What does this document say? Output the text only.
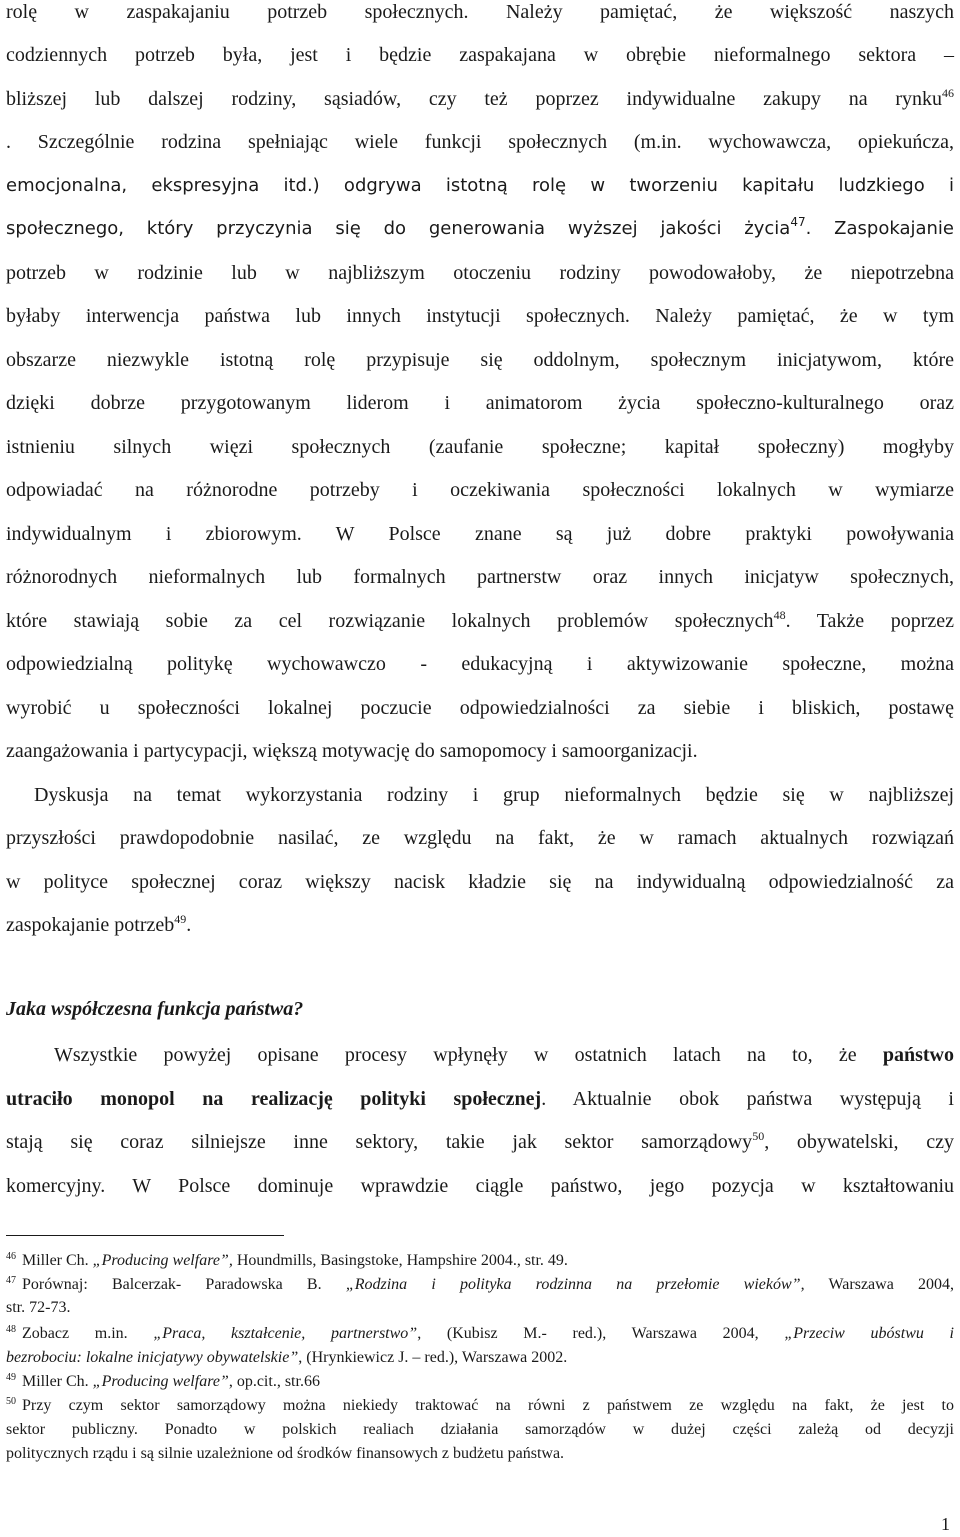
rolę w zaspakajaniu potrzeb społecznych. Należy pamiętać, że większość naszych
codziennych potrzeb była, jest i będzie zaspakajana w obrębie nieformalnego sektora –
bliższej lub dalszej rodziny, sąsiadów, czy też poprzez indywidualne zakupy na rynku$^{46}$
. Szczególnie rodzina spełniając wiele funkcji społecznych (m.in. wychowawcza, opiekuńcza,
emocjonalna, ekspresyjna itd.) odgrywa istotną rolę w tworzeniu kapitału ludzkiego i
społecznego, który przyczynia się do generowania wyższej jakości życia$^{47}$. Zaspokajanie
potrzeb w rodzinie lub w najbliższym otoczeniu rodziny powodowałoby, że niepotrzebna
byłaby interwencja państwa lub innych instytucji społecznych. Należy pamiętać, że w tym
obszarze niezwykle istotną rolę przypisuje się oddolnym, społecznym inicjatywom, które
dzięki dobrze przygotowanym liderom i animatorom życia społeczno-kulturalnego oraz
istnieniu silnych więzi społecznych (zaufanie społeczne; kapitał społeczny) mogłyby
odpowiadać na różnorodne potrzeby i oczekiwania społeczności lokalnych w wymiarze
indywidualnym i zbiorowym. W Polsce znane są już dobre praktyki powoływania
różnorodnych nieformalnych lub formalnych partnerstw oraz innych inicjatyw społecznych,
które stawiają sobie za cel rozwiązanie lokalnych problemów społecznych$^{48}$. Także poprzez
odpowiedzialną politykę wychowawczo - edukacyjną i aktywizowanie społeczne, można
wyrobić u społeczności lokalnej poczucie odpowiedzialności za siebie i bliskich, postawę
zaangażowania i partycypacji, większą motywację do samopomocy i samoorganizacji.
Dyskusja na temat wykorzystania rodziny i grup nieformalnych będzie się w najbliższej
przyszłości prawdopodobnie nasilać, ze względu na fakt, że w ramach aktualnych rozwiązań
w polityce społecznej coraz większy nacisk kładzie się na indywidualną odpowiedzialność za
zaspokajanie potrzeb$^{49}$.
Jaka współczesna funkcja państwa?
Wszystkie powyżej opisane procesy wpłynęły w ostatnich latach na to, że państwo
utraciło monopol na realizację polityki społecznej. Aktualnie obok państwa występują i
stają się coraz silniejsze inne sektory, takie jak sektor samorządowy$^{50}$, obywatelski, czy
komercyjny. W Polsce dominuje wprawdzie ciągle państwo, jego pozycja w kształtowaniu
$^{46}$ Miller Ch. „Producing welfare”, Houndmills, Basingstoke, Hampshire 2004., str. 49.
$^{47}$ Porównaj: Balcerzak- Paradowska B. „Rodzina i polityka rodzinna na przełomie wieków”, Warszawa 2004,
str. 72-73.
$^{48}$ Zobacz m.in. „Praca, kształcenie, partnerstwo”, (Kubisz M.- red.), Warszawa 2004, „Przeciw ubóstwu i
bezrobociu: lokalne inicjatywy obywatelskie”, (Hrynkiewicz J. – red.), Warszawa 2002.
$^{49}$ Miller Ch. „Producing welfare”, op.cit., str.66
$^{50}$ Przy czym sektor samorządowy można niekiedy traktować na równi z państwem ze względu na fakt, że jest to
sektor publiczny. Ponadto w polskich realiach działania samorządów w dużej części zależą od decyzji
politycznych rządu i są silnie uzależnione od środków finansowych z budżetu państwa.
1
